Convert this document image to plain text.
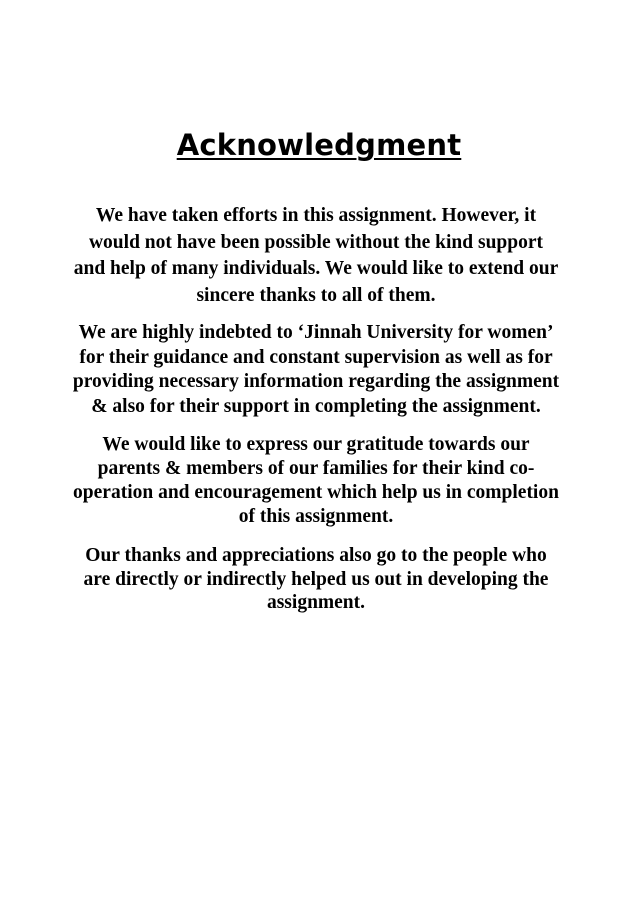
Acknowledgment
We have taken efforts in this assignment. However, it
would not have been possible without the kind support
and help of many individuals. We would like to extend our
sincere thanks to all of them.
We are highly indebted to ‘Jinnah University for women’
for their guidance and constant supervision as well as for
providing necessary information regarding the assignment
& also for their support in completing the assignment.
We would like to express our gratitude towards our
parents & members of our families for their kind co-
operation and encouragement which help us in completion
of this assignment.
Our thanks and appreciations also go to the people who
are directly or indirectly helped us out in developing the
assignment.
